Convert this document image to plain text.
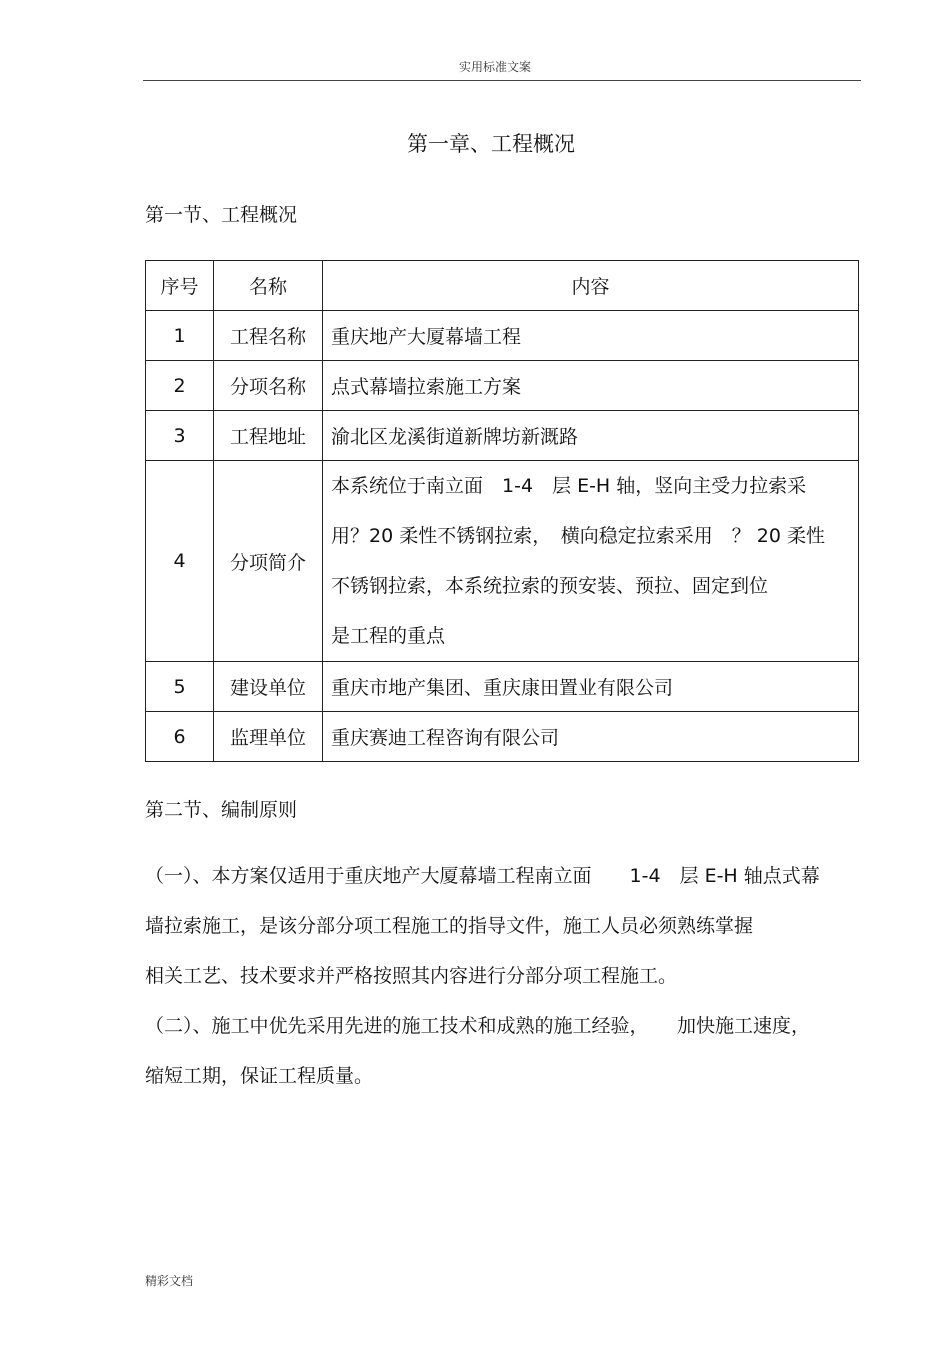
实用标准文案
第一章、工程概况
第一节、工程概况
序号	名称	内容
1	工程名称	重庆地产大厦幕墙工程
2	分项名称	点式幕墙拉索施工方案
3	工程地址	渝北区龙溪街道新牌坊新溉路
4	分项简介	本系统位于南立面　1-4　层 E-H 轴，竖向主受力拉索采
用？20 柔性不锈钢拉索，　横向稳定拉索采用　？ 20 柔性
不锈钢拉索，本系统拉索的预安装、预拉、固定到位
是工程的重点

5	建设单位	重庆市地产集团、重庆康田置业有限公司
6	监理单位	重庆赛迪工程咨询有限公司
第二节、编制原则
（一）、本方案仅适用于重庆地产大厦幕墙工程南立面　　1-4　层 E-H 轴点式幕
墙拉索施工，是该分部分项工程施工的指导文件，施工人员必须熟练掌握
相关工艺、技术要求并严格按照其内容进行分部分项工程施工。
（二）、施工中优先采用先进的施工技术和成熟的施工经验，　　加快施工速度，
缩短工期，保证工程质量。
精彩文档
